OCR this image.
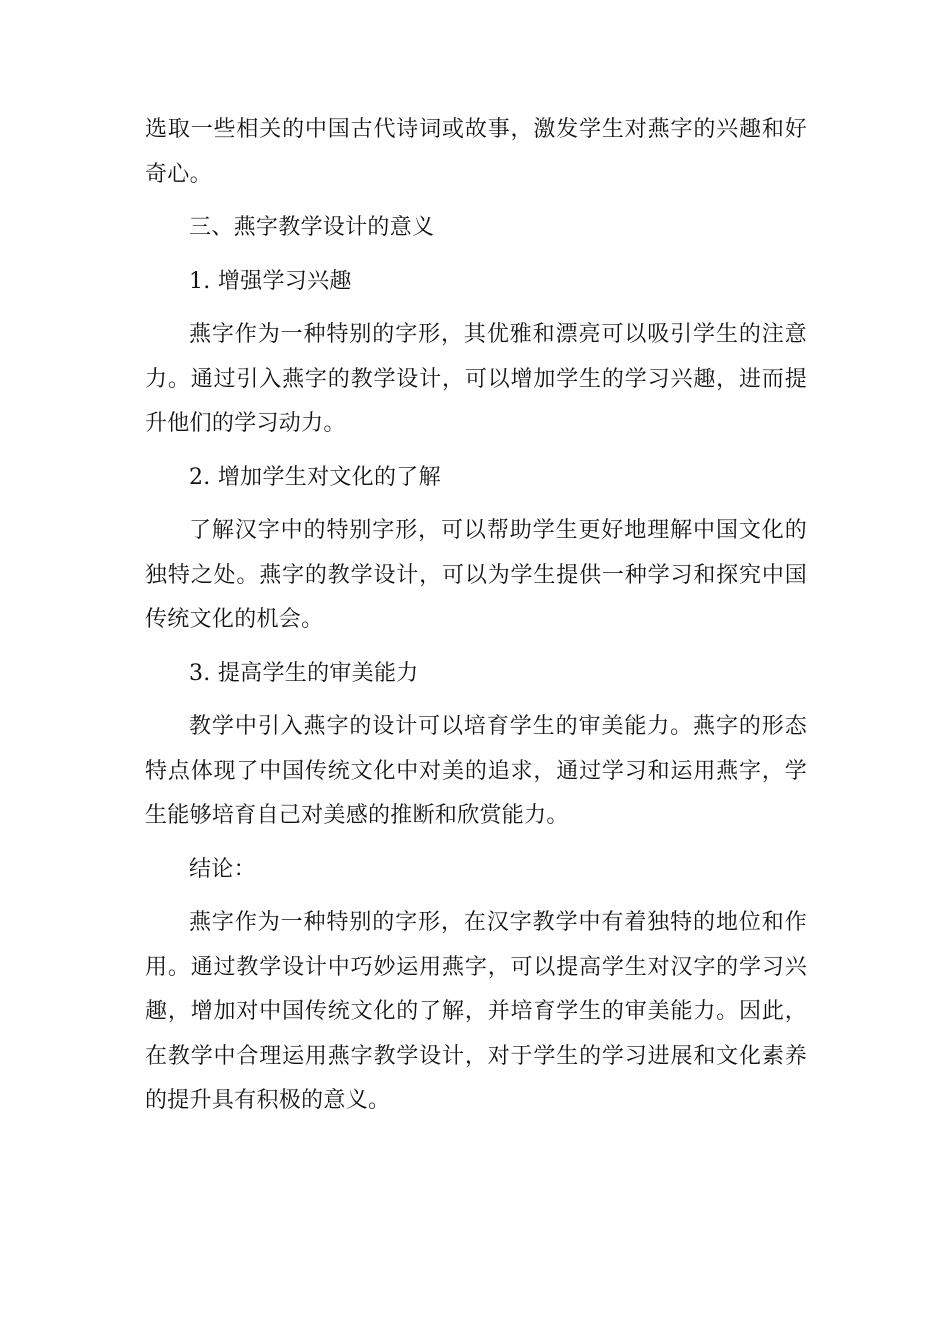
选取一些相关的中国古代诗词或故事，激发学生对燕字的兴趣和好奇心。

三、燕字教学设计的意义

1. 增强学习兴趣

燕字作为一种特别的字形，其优雅和漂亮可以吸引学生的注意力。通过引入燕字的教学设计，可以增加学生的学习兴趣，进而提升他们的学习动力。

2. 增加学生对文化的了解

了解汉字中的特别字形，可以帮助学生更好地理解中国文化的独特之处。燕字的教学设计，可以为学生提供一种学习和探究中国传统文化的机会。

3. 提高学生的审美能力

教学中引入燕字的设计可以培育学生的审美能力。燕字的形态特点体现了中国传统文化中对美的追求，通过学习和运用燕字，学生能够培育自己对美感的推断和欣赏能力。

结论：

燕字作为一种特别的字形，在汉字教学中有着独特的地位和作用。通过教学设计中巧妙运用燕字，可以提高学生对汉字的学习兴趣，增加对中国传统文化的了解，并培育学生的审美能力。因此，在教学中合理运用燕字教学设计，对于学生的学习进展和文化素养的提升具有积极的意义。
